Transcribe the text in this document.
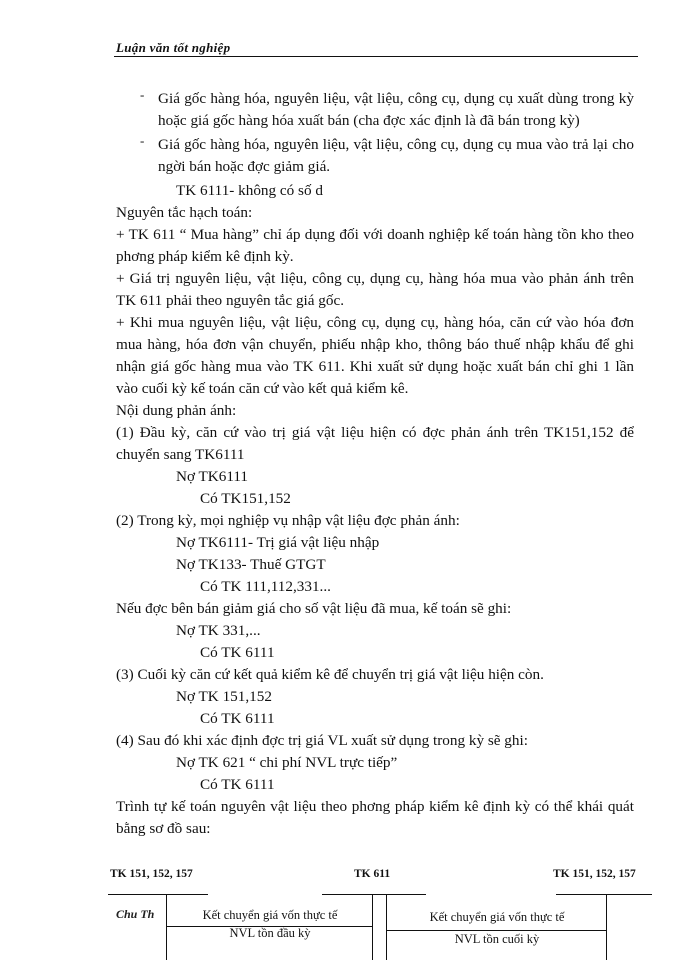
Luận văn tốt nghiệp
- Giá gốc hàng hóa, nguyên liệu, vật liệu, công cụ, dụng cụ xuất dùng trong kỳ hoặc giá gốc hàng hóa xuất bán (cha đợc xác định là đã bán trong kỳ)
- Giá gốc hàng hóa, nguyên liệu, vật liệu, công cụ, dụng cụ mua vào trả lại cho ngời bán hoặc đợc giảm giá.
TK 6111- không có số d
Nguyên tắc hạch toán:
+ TK 611 “ Mua hàng” chỉ áp dụng đối với doanh nghiệp kế toán hàng tồn kho theo phơng pháp kiểm kê định kỳ.
+ Giá trị nguyên liệu, vật liệu, công cụ, dụng cụ, hàng hóa mua vào phản ánh trên TK 611 phải theo nguyên tắc giá gốc.
+ Khi mua nguyên liệu, vật liệu, công cụ, dụng cụ, hàng hóa, căn cứ vào hóa đơn mua hàng, hóa đơn vận chuyển, phiếu nhập kho, thông báo thuế nhập khẩu để ghi nhận giá gốc hàng mua vào TK 611. Khi xuất sử dụng hoặc xuất bán chỉ ghi 1 lần vào cuối kỳ kế toán căn cứ vào kết quả kiểm kê.
Nội dung phản ánh:
(1) Đầu kỳ, căn cứ vào trị giá vật liệu hiện có đợc phản ánh trên TK151,152 để chuyển sang TK6111
Nợ TK6111
Có TK151,152
(2) Trong kỳ, mọi nghiệp vụ nhập vật liệu đợc phản ánh:
Nợ TK6111- Trị giá vật liệu nhập
Nợ TK133- Thuế GTGT
Có TK 111,112,331...
Nếu đợc bên bán giảm giá cho số vật liệu đã mua, kế toán sẽ ghi:
Nợ TK 331,...
Có TK 6111
(3) Cuối kỳ căn cứ kết quả kiểm kê để chuyển trị giá vật liệu hiện còn.
Nợ TK 151,152
Có TK 6111
(4) Sau đó khi xác định đợc trị giá VL xuất sử dụng trong kỳ sẽ ghi:
Nợ TK 621 “ chi phí NVL trực tiếp”
Có TK 6111
Trình tự kế toán nguyên vật liệu theo phơng pháp kiểm kê định kỳ có thể khái quát bằng sơ đồ sau:
TK 151, 152, 157	TK 611	TK 151, 152, 157
Chu Th	Kết chuyển giá vốn thực tế
NVL tồn đầu kỳ
Kết chuyển giá vốn thực tế
NVL tồn cuối kỳ
